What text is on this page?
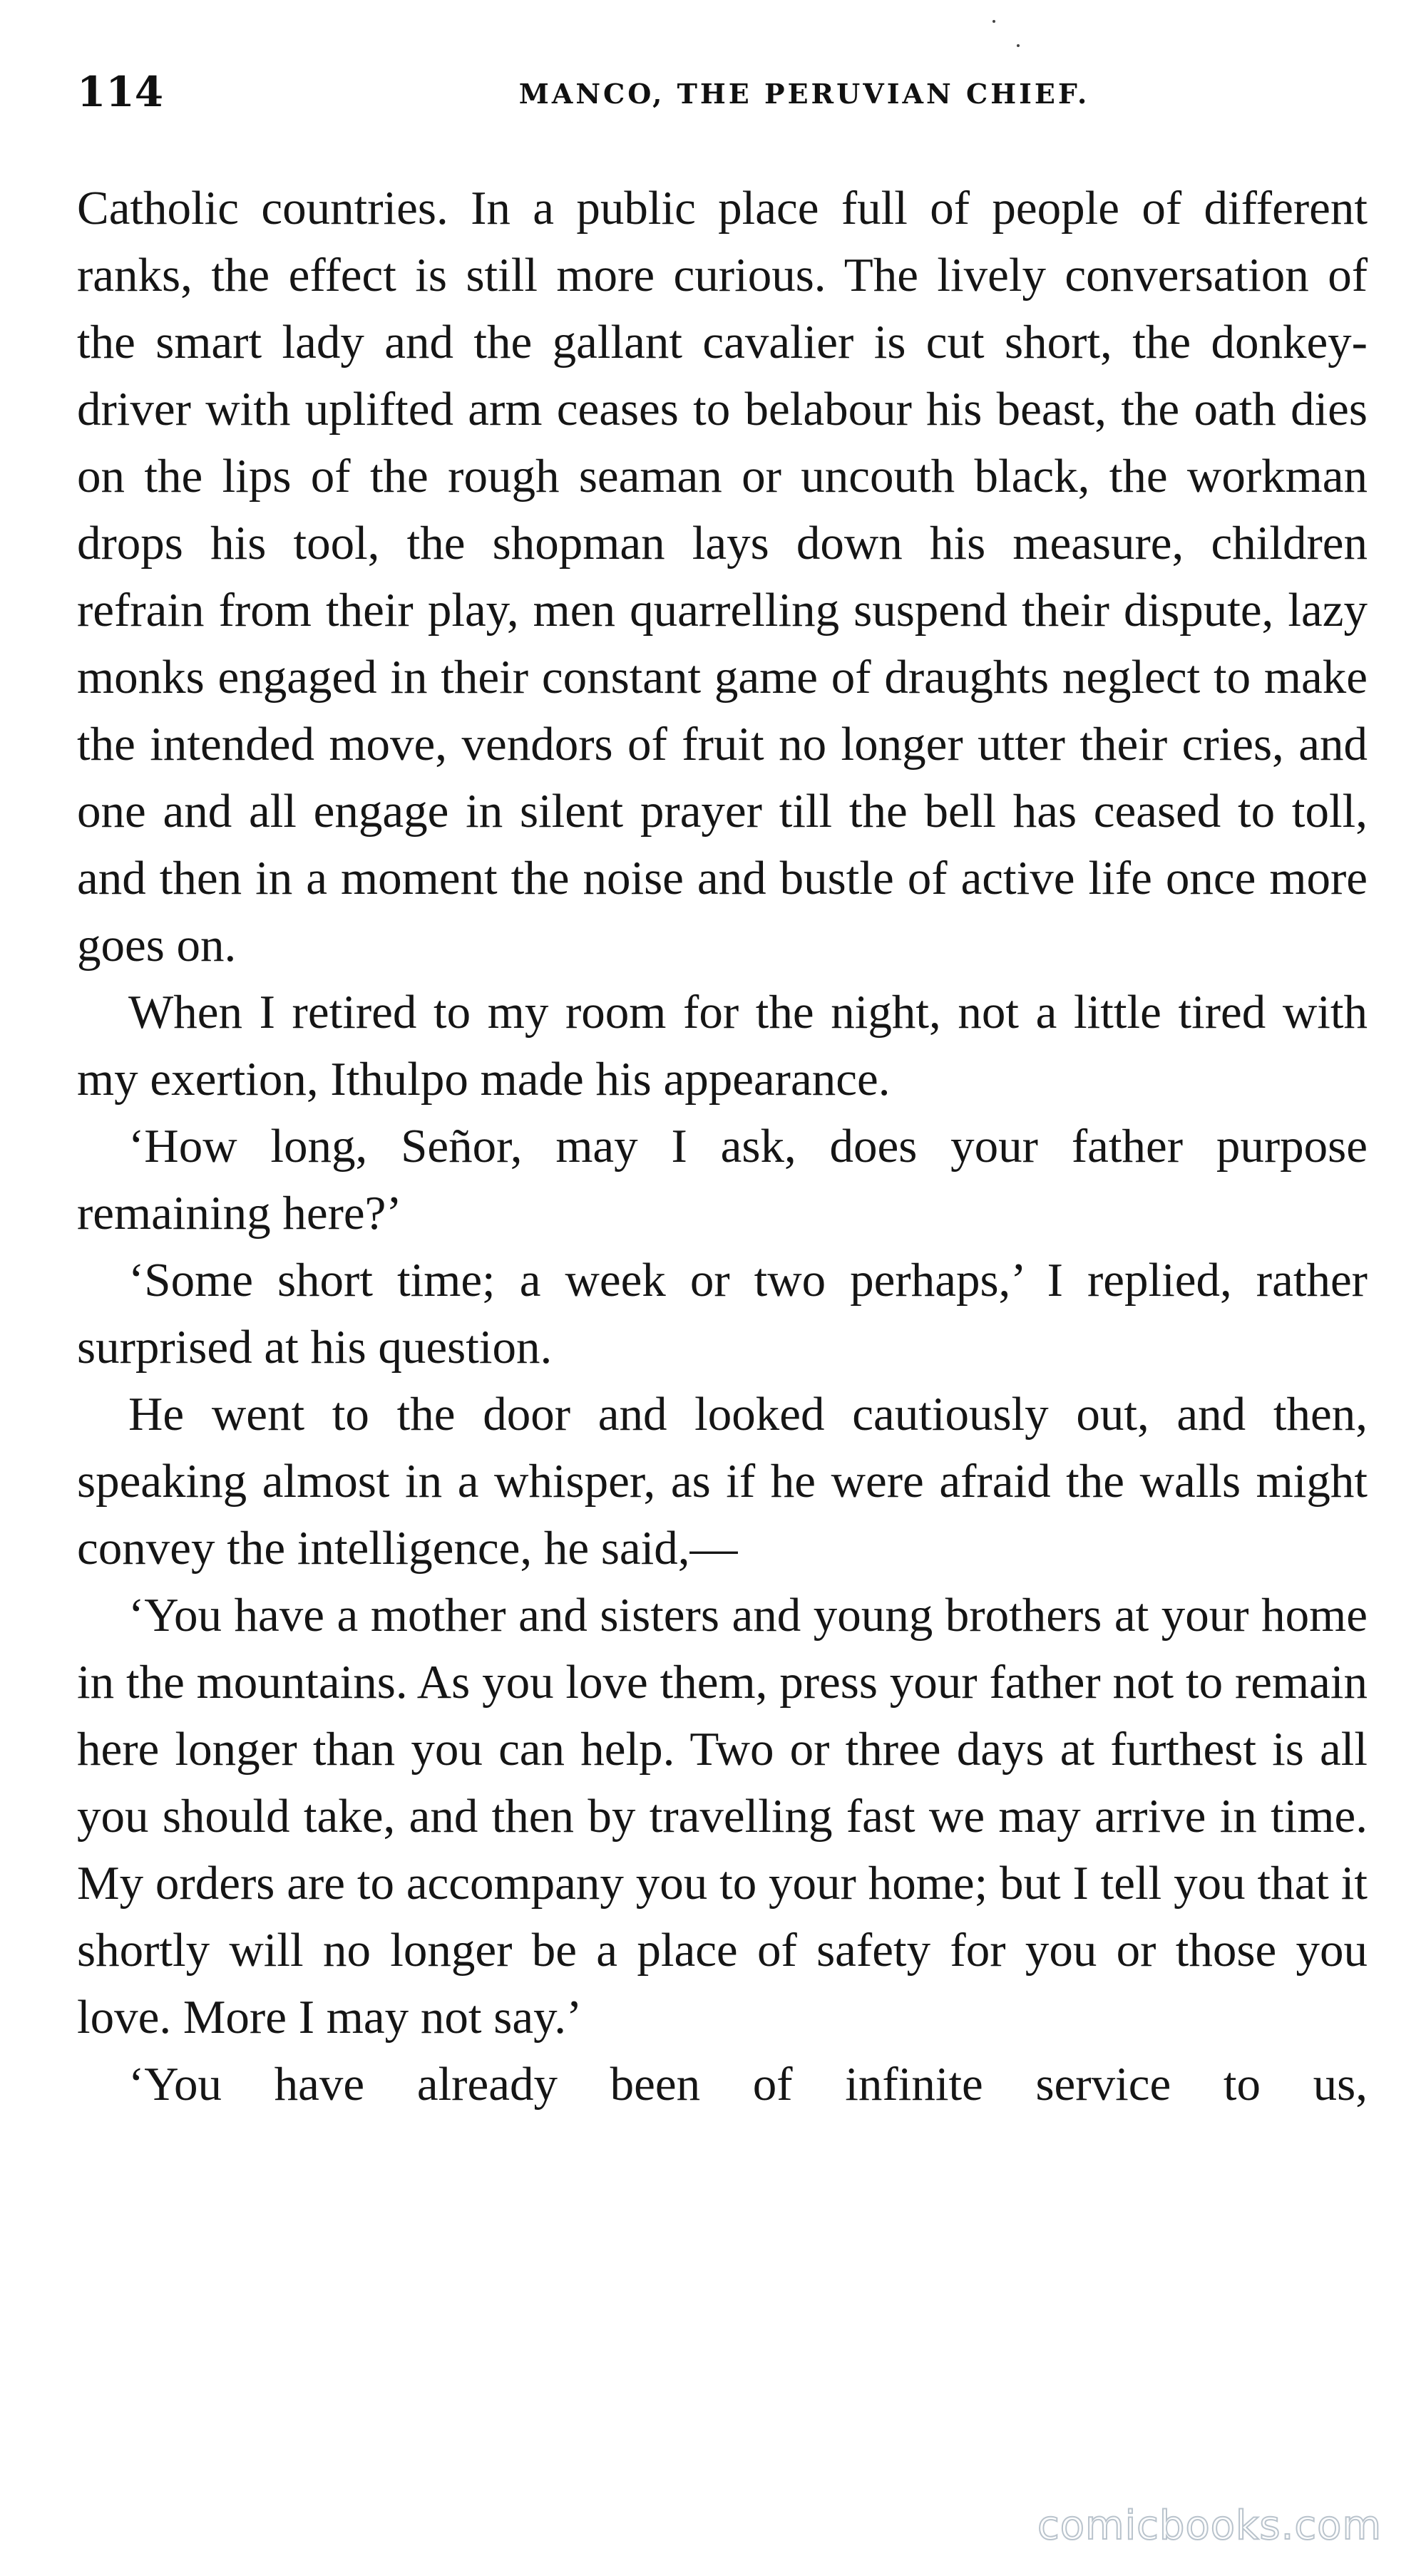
114	MANCO, THE PERUVIAN CHIEF.

Catholic countries. In a public place full of people of different ranks, the effect is still more curious. The lively conversation of the smart lady and the gallant cavalier is cut short, the donkey-driver with uplifted arm ceases to belabour his beast, the oath dies on the lips of the rough seaman or uncouth black, the workman drops his tool, the shopman lays down his measure, children refrain from their play, men quarrelling suspend their dispute, lazy monks engaged in their constant game of draughts neglect to make the intended move, vendors of fruit no longer utter their cries, and one and all engage in silent prayer till the bell has ceased to toll, and then in a moment the noise and bustle of active life once more goes on.

When I retired to my room for the night, not a little tired with my exertion, Ithulpo made his appearance.

‘How long, Señor, may I ask, does your father purpose remaining here?’

‘Some short time; a week or two perhaps,’ I replied, rather surprised at his question.

He went to the door and looked cautiously out, and then, speaking almost in a whisper, as if he were afraid the walls might convey the intelligence, he said,—

‘You have a mother and sisters and young brothers at your home in the mountains. As you love them, press your father not to remain here longer than you can help. Two or three days at furthest is all you should take, and then by travelling fast we may arrive in time. My orders are to accompany you to your home; but I tell you that it shortly will no longer be a place of safety for you or those you love. More I may not say.’

‘You have already been of infinite service to us,

comicbooks.com
